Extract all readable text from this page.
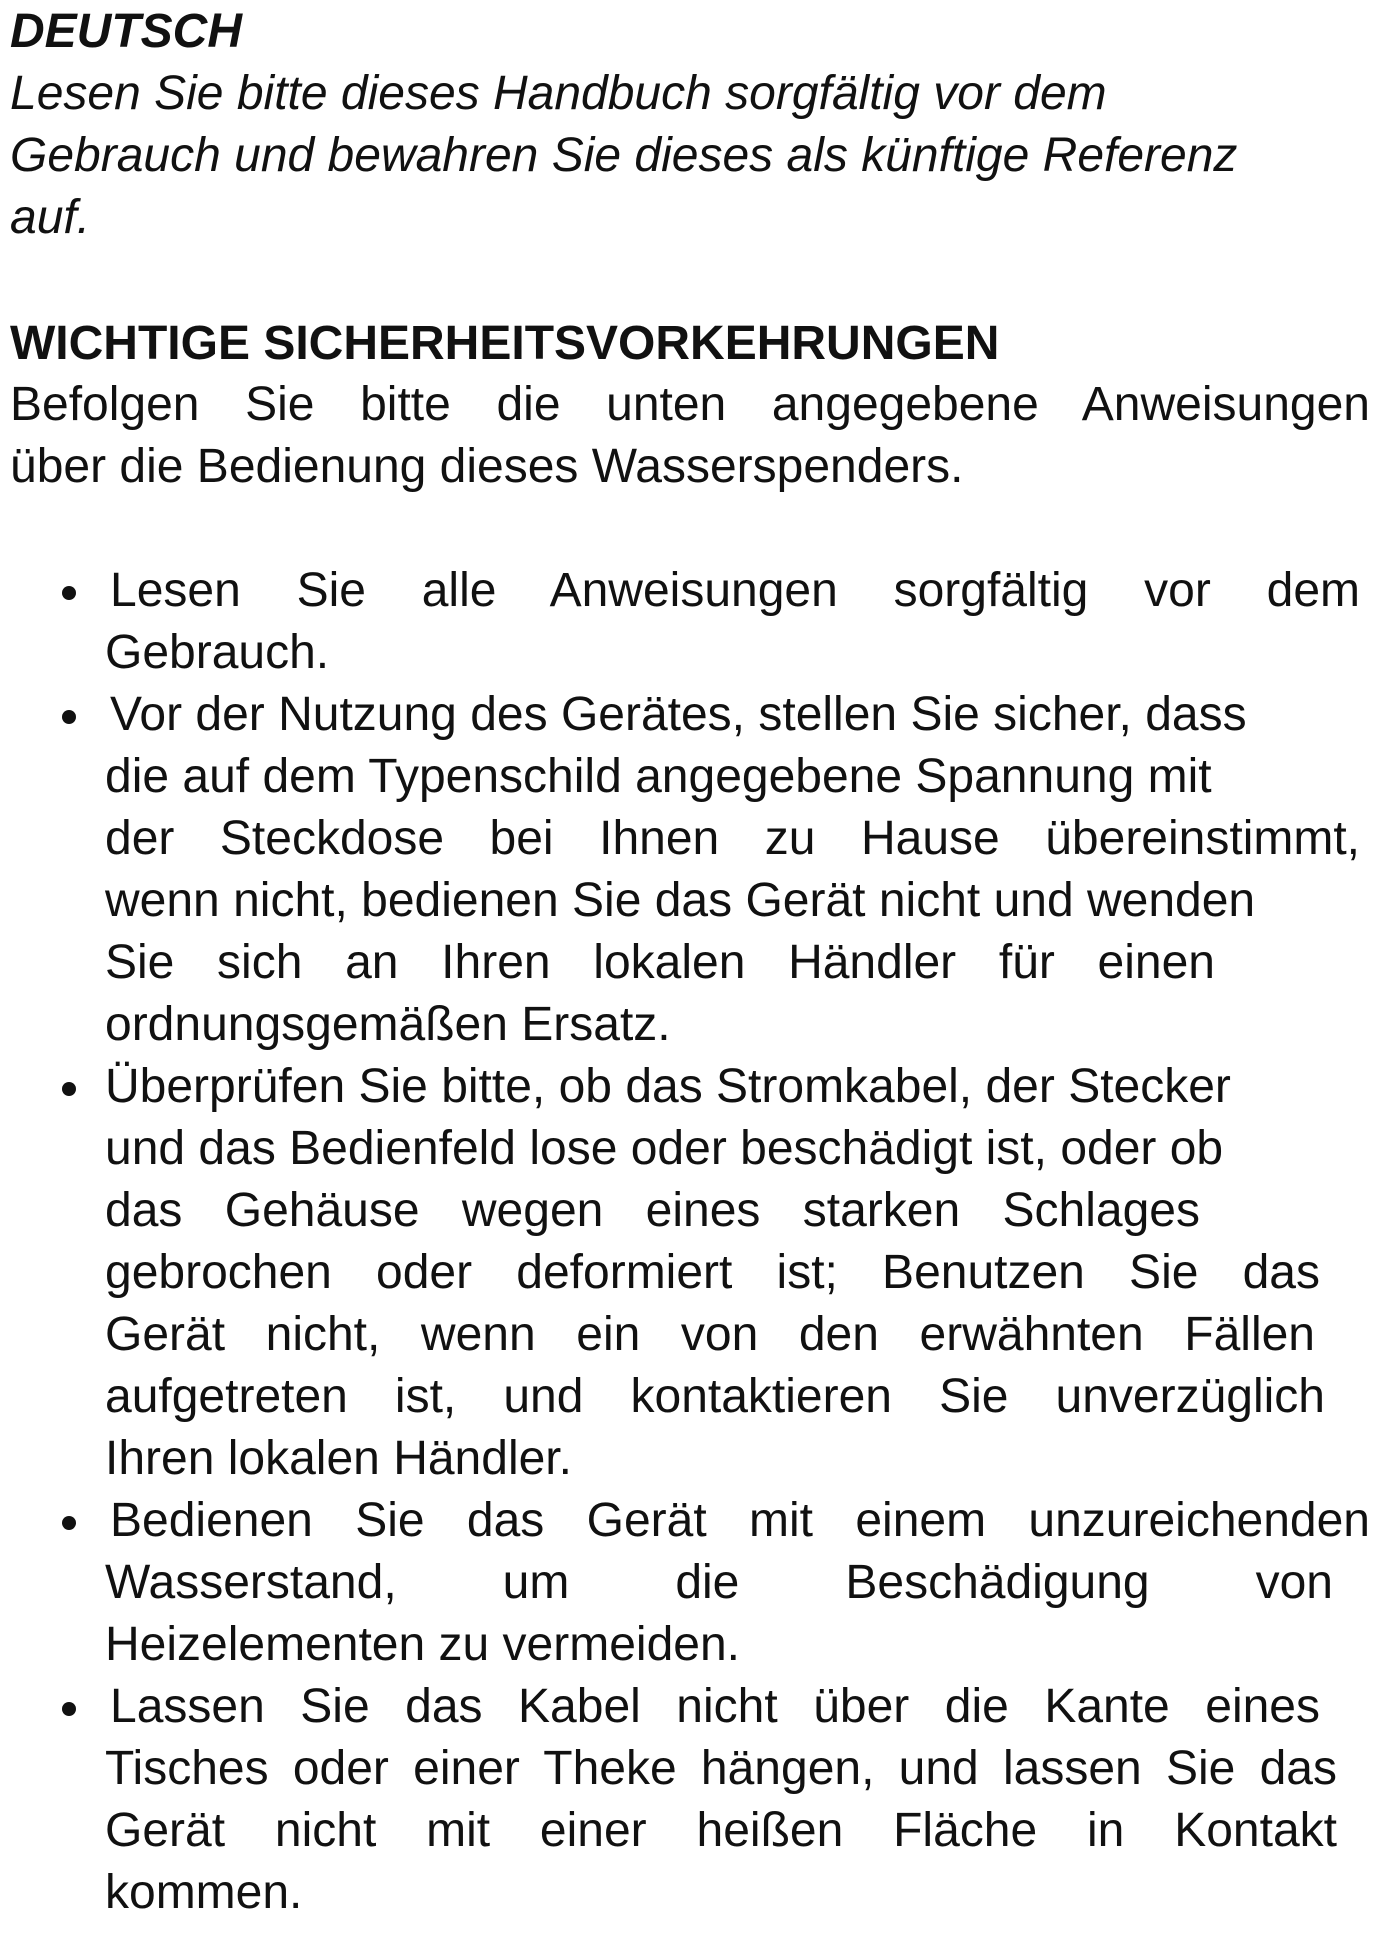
DEUTSCH

Lesen Sie bitte dieses Handbuch sorgfältig vor dem
Gebrauch und bewahren Sie dieses als künftige Referenz
auf.

WICHTIGE SICHERHEITSVORKEHRUNGEN

Befolgen Sie bitte die unten angegebene Anweisungen
über die Bedienung dieses Wasserspenders.

Lesen Sie alle Anweisungen sorgfältig vor dem
Gebrauch.
Vor der Nutzung des Gerätes, stellen Sie sicher, dass
die auf dem Typenschild angegebene Spannung mit
der Steckdose bei Ihnen zu Hause übereinstimmt,
wenn nicht, bedienen Sie das Gerät nicht und wenden
Sie sich an Ihren lokalen Händler für einen
ordnungsgemäßen Ersatz.
Überprüfen Sie bitte, ob das Stromkabel, der Stecker
und das Bedienfeld lose oder beschädigt ist, oder ob
das Gehäuse wegen eines starken Schlages
gebrochen oder deformiert ist; Benutzen Sie das
Gerät nicht, wenn ein von den erwähnten Fällen
aufgetreten ist, und kontaktieren Sie unverzüglich
Ihren lokalen Händler.
Bedienen Sie das Gerät mit einem unzureichenden
Wasserstand, um die Beschädigung von
Heizelementen zu vermeiden.
Lassen Sie das Kabel nicht über die Kante eines
Tisches oder einer Theke hängen, und lassen Sie das
Gerät nicht mit einer heißen Fläche in Kontakt
kommen.
